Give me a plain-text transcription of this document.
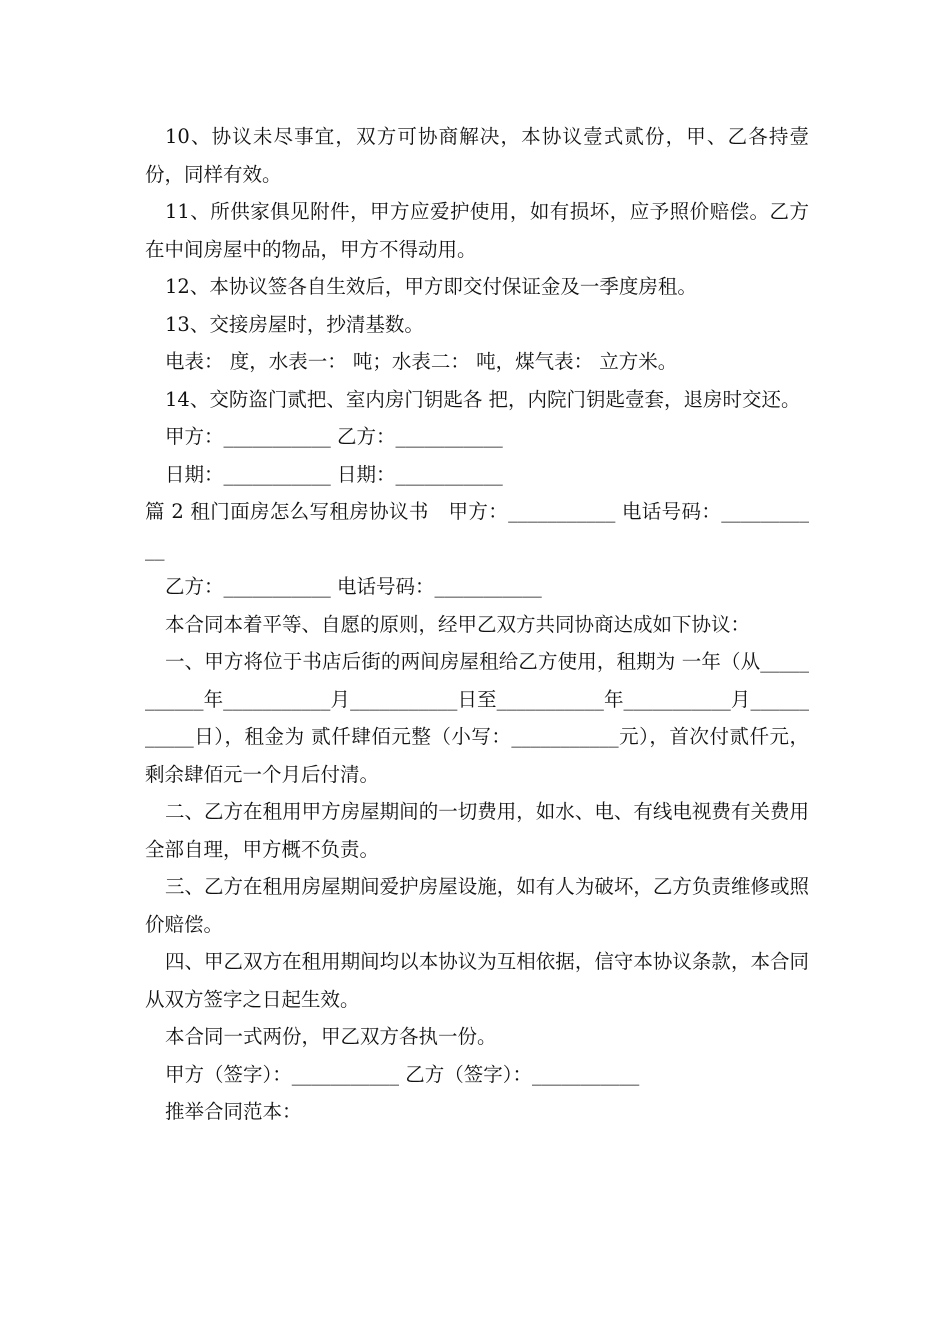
10、协议未尽事宜，双方可协商解决，本协议壹式贰份，甲、乙各持壹份，同样有效。

11、所供家俱见附件，甲方应爱护使用，如有损坏，应予照价赔偿。乙方在中间房屋中的物品，甲方不得动用。

12、本协议签各自生效后，甲方即交付保证金及一季度房租。

13、交接房屋时，抄清基数。

电表： 度，水表一： 吨；水表二： 吨，煤气表： 立方米。

14、交防盗门贰把、室内房门钥匙各 把，内院门钥匙壹套，退房时交还。

甲方：___________ 乙方：___________

日期：___________ 日期：___________

篇 2 租门面房怎么写租房协议书　甲方：___________ 电话号码：___________

乙方：___________ 电话号码：___________

本合同本着平等、自愿的原则，经甲乙双方共同协商达成如下协议：

一、甲方将位于书店后街的两间房屋租给乙方使用，租期为 一年（从___________年___________月___________日至___________年___________月___________日），租金为 贰仟肆佰元整（小写：___________元），首次付贰仟元，剩余肆佰元一个月后付清。

二、乙方在租用甲方房屋期间的一切费用，如水、电、有线电视费有关费用全部自理，甲方概不负责。

三、乙方在租用房屋期间爱护房屋设施，如有人为破坏，乙方负责维修或照价赔偿。

四、甲乙双方在租用期间均以本协议为互相依据，信守本协议条款，本合同从双方签字之日起生效。

本合同一式两份，甲乙双方各执一份。

甲方（签字）：___________ 乙方（签字）：___________

推举合同范本：
